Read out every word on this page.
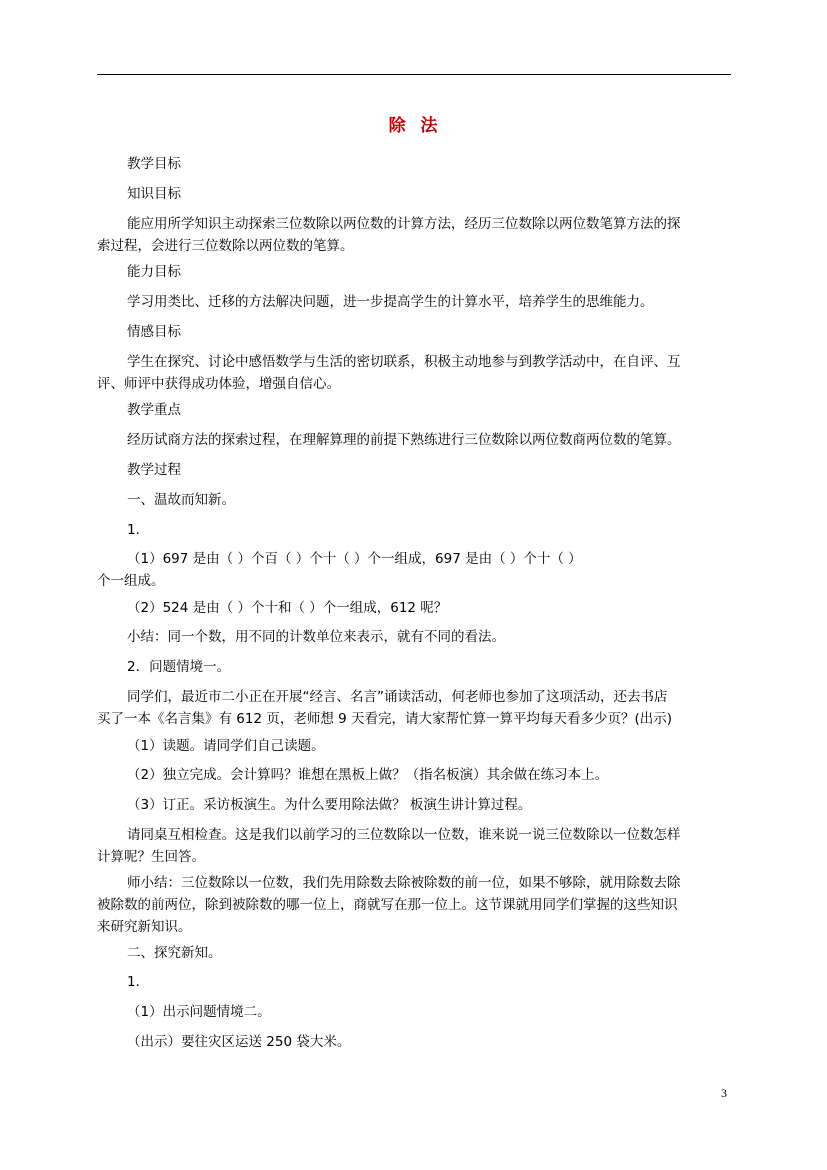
除  法
教学目标
知识目标
能应用所学知识主动探索三位数除以两位数的计算方法，经历三位数除以两位数笔算方法的探
索过程，会进行三位数除以两位数的笔算。
能力目标
学习用类比、迁移的方法解决问题，进一步提高学生的计算水平，培养学生的思维能力。
情感目标
学生在探究、讨论中感悟数学与生活的密切联系，积极主动地参与到教学活动中，在自评、互
评、师评中获得成功体验，增强自信心。
教学重点
经历试商方法的探索过程，在理解算理的前提下熟练进行三位数除以两位数商两位数的笔算。
教学过程
一、温故而知新。
1．
（1）697 是由（ ）个百（ ）个十（ ）个一组成，697 是由（ ）个十（ ）
个一组成。
（2）524 是由（ ）个十和（ ）个一组成，612 呢？
小结：同一个数，用不同的计数单位来表示，就有不同的看法。
2．问题情境一。
同学们，最近市二小正在开展“经言、名言”诵读活动，何老师也参加了这项活动，还去书店
买了一本《名言集》有 612 页，老师想 9 天看完，请大家帮忙算一算平均每天看多少页？(出示)
（1）读题。请同学们自己读题。
（2）独立完成。会计算吗？谁想在黑板上做？（指名板演）其余做在练习本上。
（3）订正。采访板演生。为什么要用除法做？ 板演生讲计算过程。
请同桌互相检查。这是我们以前学习的三位数除以一位数，谁来说一说三位数除以一位数怎样
计算呢？生回答。
师小结：三位数除以一位数，我们先用除数去除被除数的前一位，如果不够除，就用除数去除
被除数的前两位，除到被除数的哪一位上，商就写在那一位上。这节课就用同学们掌握的这些知识
来研究新知识。
二、探究新知。
1．
（1）出示问题情境二。
（出示）要往灾区运送 250 袋大米。
3
